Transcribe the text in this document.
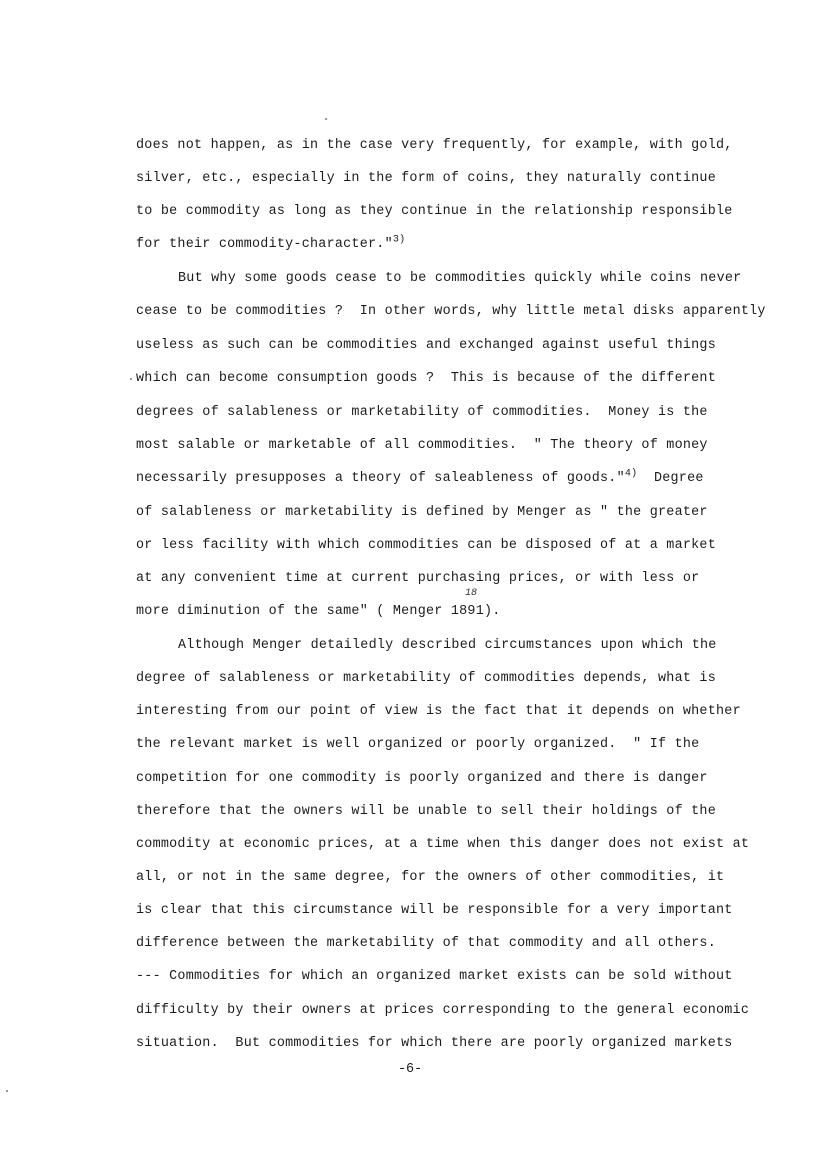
does not happen, as in the case very frequently, for example, with gold,
silver, etc., especially in the form of coins, they naturally continue
to be commodity as long as they continue in the relationship responsible
for their commodity-character."$^{3)}$
But why some goods cease to be commodities quickly while coins never
cease to be commodities ?  In other words, why little metal disks apparently
useless as such can be commodities and exchanged against useful things
which can become consumption goods ?  This is because of the different
degrees of salableness or marketability of commodities.  Money is the
most salable or marketable of all commodities.  " The theory of money
necessarily presupposes a theory of saleableness of goods."$^{4)}$  Degree
of salableness or marketability is defined by Menger as " the greater
or less facility with which commodities can be disposed of at a market
at any convenient time at current purchasing prices, or with less or
18
more diminution of the same" ( Menger 1891).
Although Menger detailedly described circumstances upon which the
degree of salableness or marketability of commodities depends, what is
interesting from our point of view is the fact that it depends on whether
the relevant market is well organized or poorly organized.  " If the
competition for one commodity is poorly organized and there is danger
therefore that the owners will be unable to sell their holdings of the
commodity at economic prices, at a time when this danger does not exist at
all, or not in the same degree, for the owners of other commodities, it
is clear that this circumstance will be responsible for a very important
difference between the marketability of that commodity and all others.
--- Commodities for which an organized market exists can be sold without
difficulty by their owners at prices corresponding to the general economic
situation.  But commodities for which there are poorly organized markets
-6-
